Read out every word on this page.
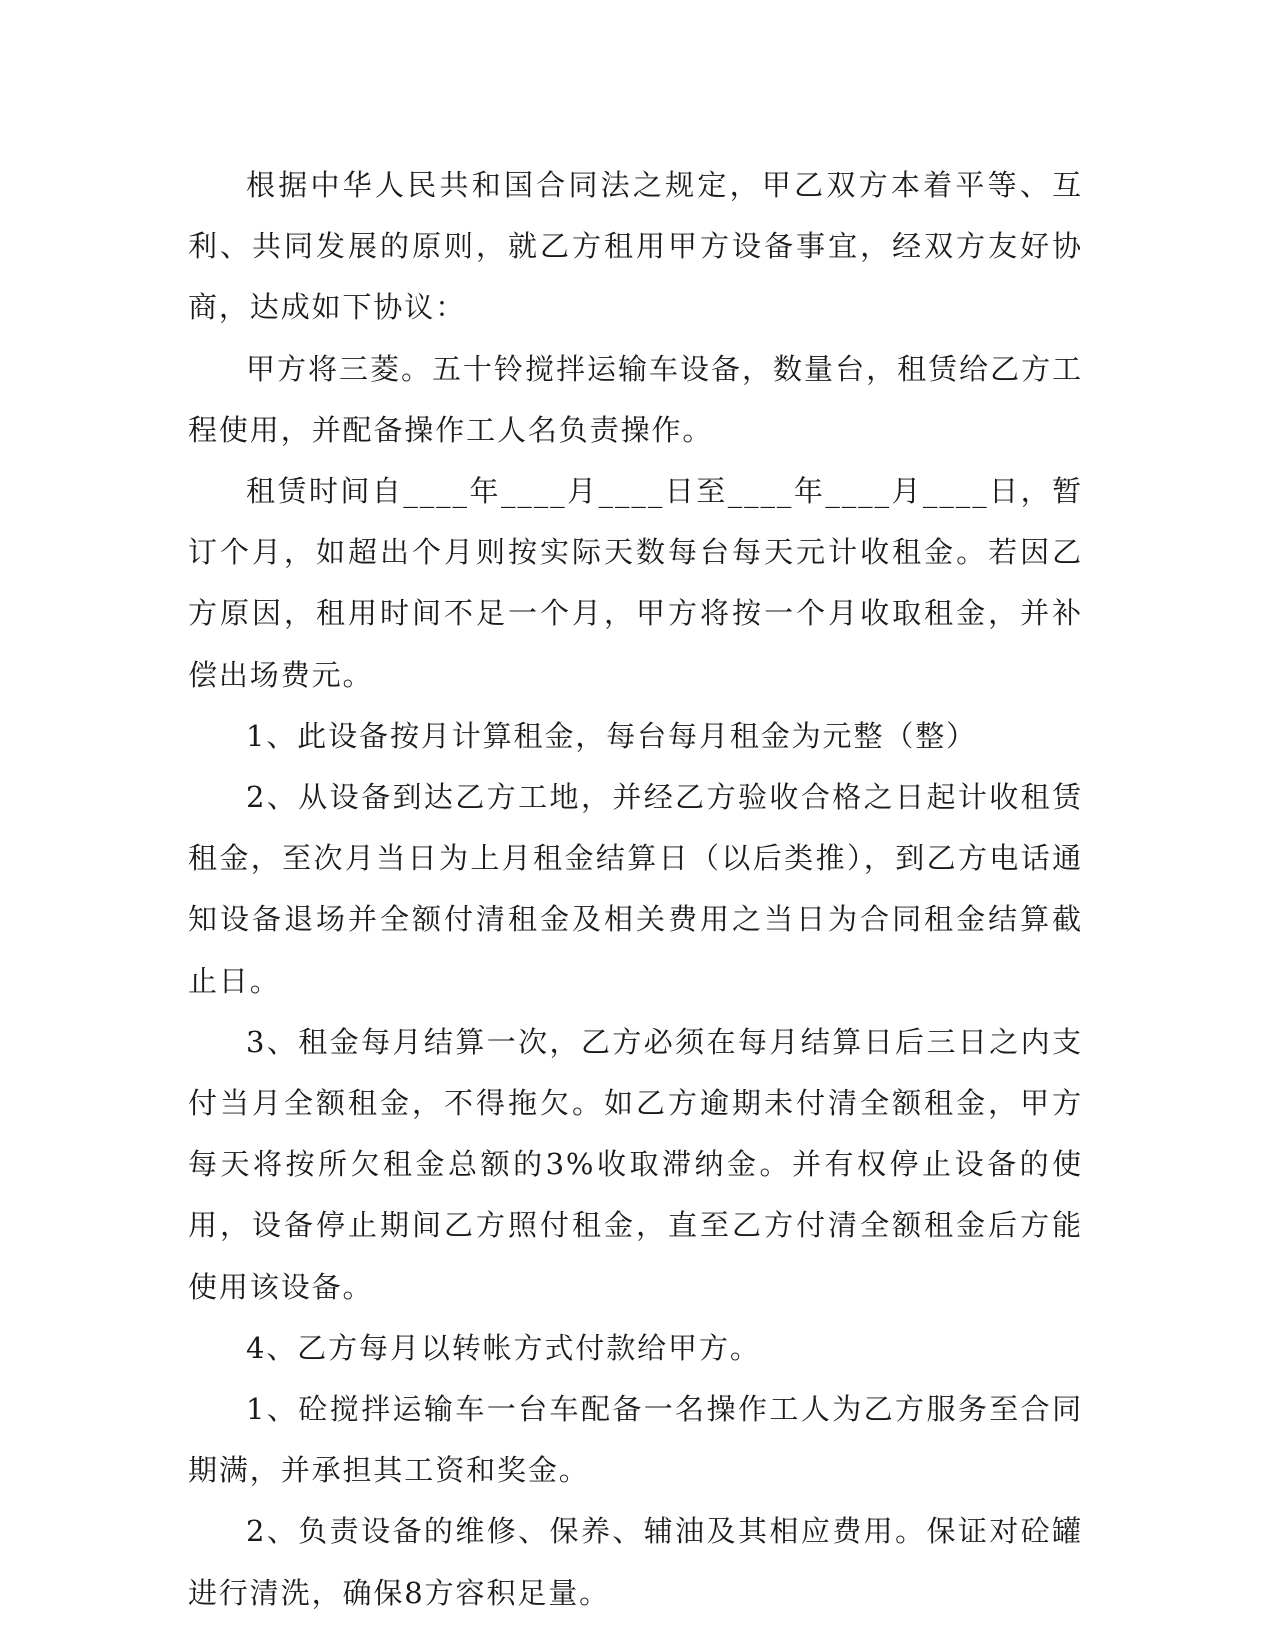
根据中华人民共和国合同法之规定，甲乙双方本着平等、互利、共同发展的原则，就乙方租用甲方设备事宜，经双方友好协商，达成如下协议：

甲方将三菱。五十铃搅拌运输车设备，数量台，租赁给乙方工程使用，并配备操作工人名负责操作。

租赁时间自____年____月____日至____年____月____日，暂订个月，如超出个月则按实际天数每台每天元计收租金。若因乙方原因，租用时间不足一个月，甲方将按一个月收取租金，并补偿出场费元。

1、此设备按月计算租金，每台每月租金为元整（整）

2、从设备到达乙方工地，并经乙方验收合格之日起计收租赁租金，至次月当日为上月租金结算日（以后类推），到乙方电话通知设备退场并全额付清租金及相关费用之当日为合同租金结算截止日。

3、租金每月结算一次，乙方必须在每月结算日后三日之内支付当月全额租金，不得拖欠。如乙方逾期未付清全额租金，甲方每天将按所欠租金总额的3%收取滞纳金。并有权停止设备的使用，设备停止期间乙方照付租金，直至乙方付清全额租金后方能使用该设备。

4、乙方每月以转帐方式付款给甲方。

1、砼搅拌运输车一台车配备一名操作工人为乙方服务至合同期满，并承担其工资和奖金。

2、负责设备的维修、保养、辅油及其相应费用。保证对砼罐进行清洗，确保8方容积足量。
